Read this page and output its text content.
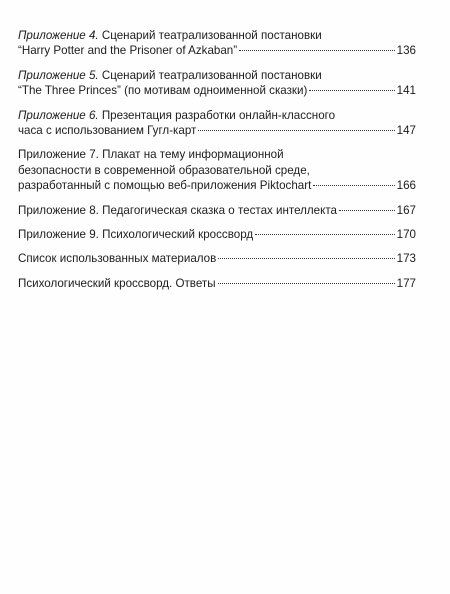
Приложение 4. Сценарий театрализованной постановки
“Harry Potter and the Prisoner of Azkaban”	136
Приложение 5. Сценарий театрализованной постановки
“The Three Princes” (по мотивам одноименной сказки)	141
Приложение 6. Презентация разработки онлайн-классного
часа с использованием Гугл-карт	147
Приложение 7. Плакат на тему информационной
безопасности в современной образовательной среде,
разработанный с помощью веб-приложения Piktochart	166
Приложение 8. Педагогическая сказка о тестах интеллекта	167
Приложение 9. Психологический кроссворд	170
Список использованных материалов	173
Психологический кроссворд. Ответы	177
